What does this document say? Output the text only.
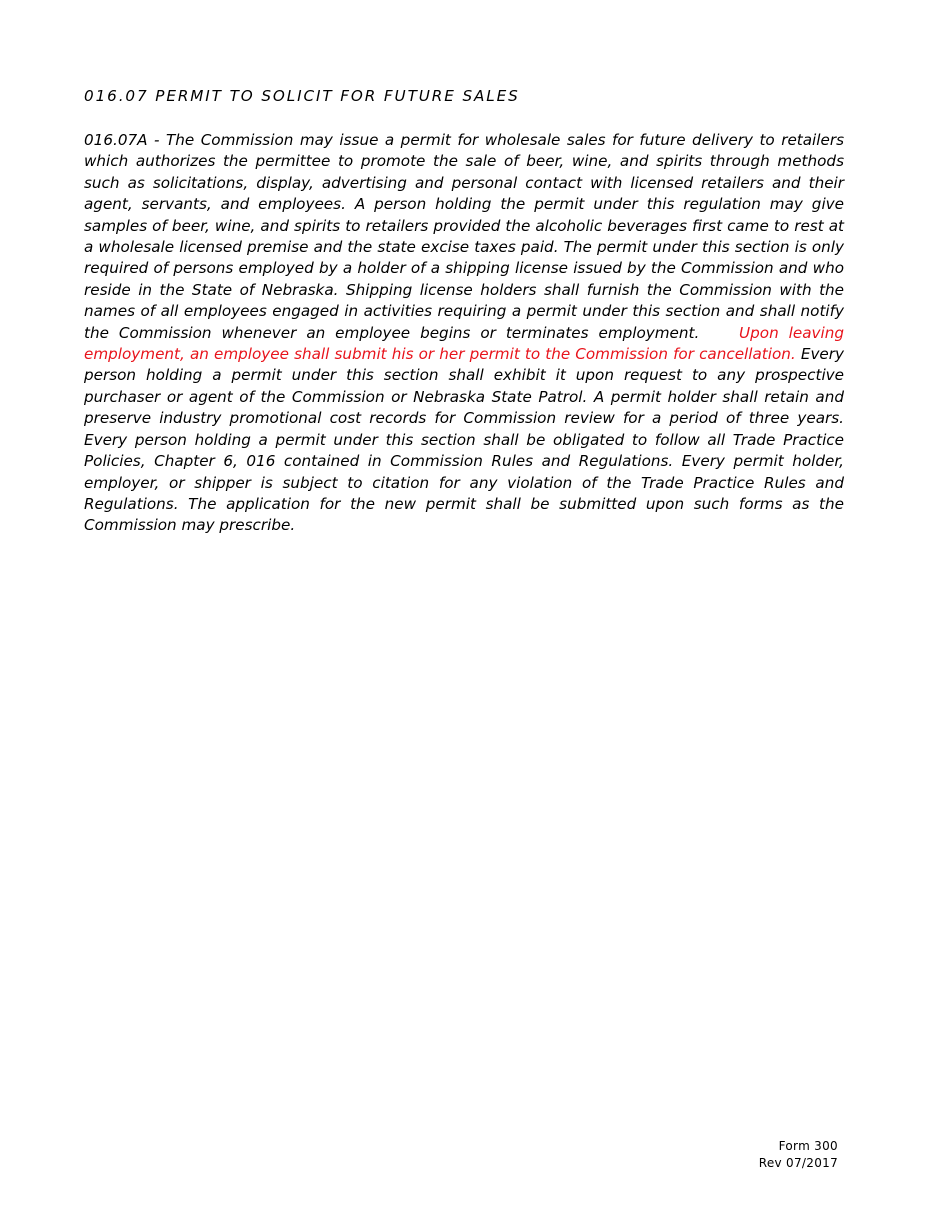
016.07 PERMIT TO SOLICIT FOR FUTURE SALES

016.07A - The Commission may issue a permit for wholesale sales for future delivery to retailers which authorizes the permittee to promote the sale of beer, wine, and spirits through methods such as solicitations, display, advertising and personal contact with licensed retailers and their agent, servants, and employees. A person holding the permit under this regulation may give samples of beer, wine, and spirits to retailers provided the alcoholic beverages first came to rest at a wholesale licensed premise and the state excise taxes paid. The permit under this section is only required of persons employed by a holder of a shipping license issued by the Commission and who reside in the State of Nebraska. Shipping license holders shall furnish the Commission with the names of all employees engaged in activities requiring a permit under this section and shall notify the Commission whenever an employee begins or terminates employment.	Upon leaving employment, an employee shall submit his or her permit to the Commission for cancellation. Every person holding a permit under this section shall exhibit it upon request to any prospective purchaser or agent of the Commission or Nebraska State Patrol. A permit holder shall retain and preserve industry promotional cost records for Commission review for a period of three years. Every person holding a permit under this section shall be obligated to follow all Trade Practice Policies, Chapter 6, 016 contained in Commission Rules and Regulations. Every permit holder, employer, or shipper is subject to citation for any violation of the Trade Practice Rules and Regulations. The application for the new permit shall be submitted upon such forms as the Commission may prescribe.

Form 300
Rev 07/2017
